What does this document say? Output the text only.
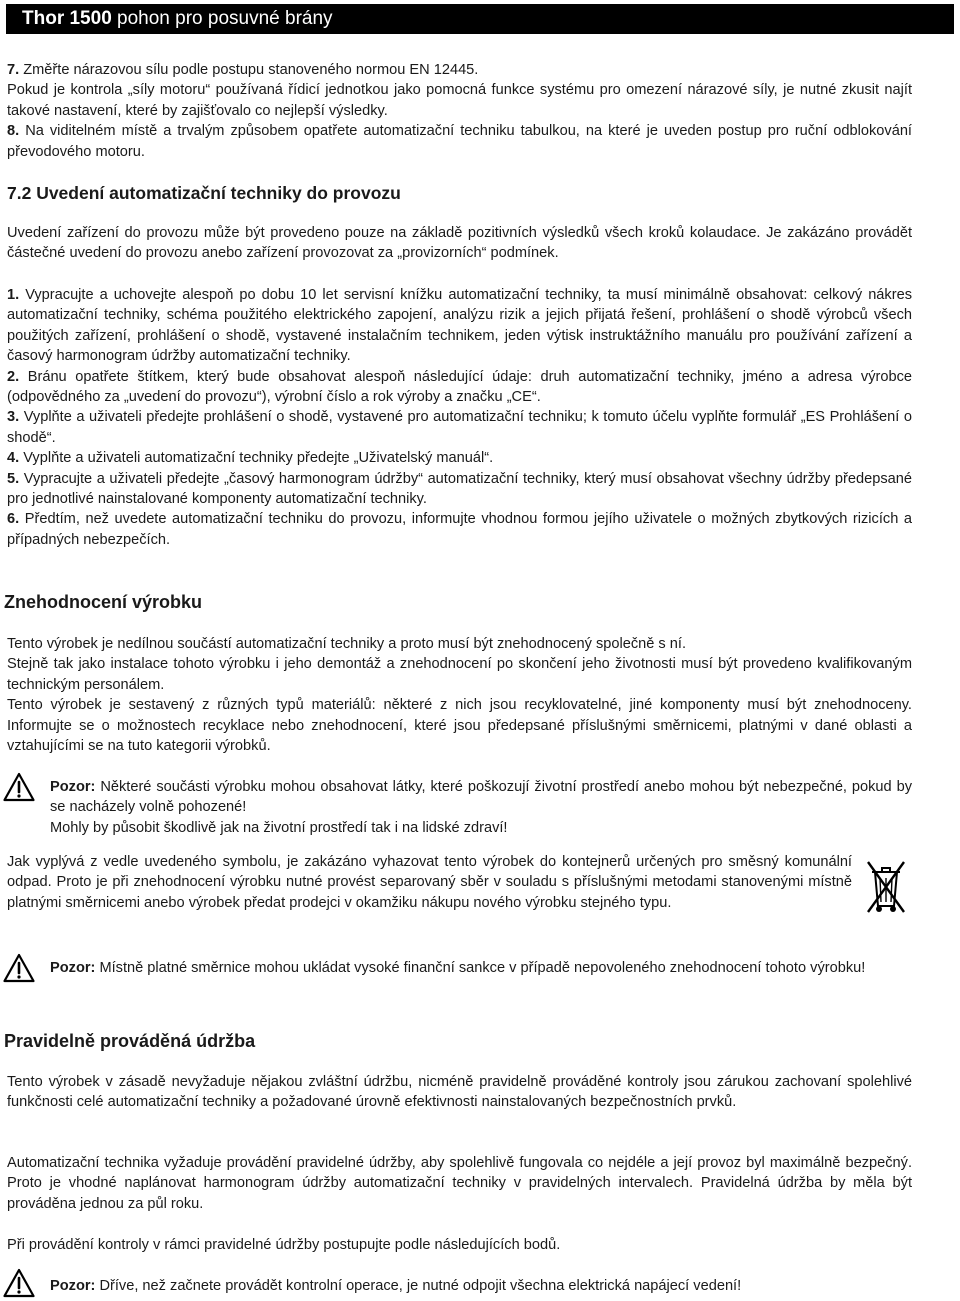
Thor 1500 pohon pro posuvné brány

7. Změřte nárazovou sílu podle postupu stanoveného normou EN 12445.

Pokud je kontrola „síly motoru“ používaná řídicí jednotkou jako pomocná funkce systému pro omezení nárazové síly, je nutné zkusit najít takové nastavení, které by zajišťovalo co nejlepší výsledky.

8. Na viditelném místě a trvalým způsobem opatřete automatizační techniku tabulkou, na které je uveden postup pro ruční odblokování převodového motoru.

7.2 Uvedení automatizační techniky do provozu

Uvedení zařízení do provozu může být provedeno pouze na základě pozitivních výsledků všech kroků kolaudace. Je zakázáno provádět částečné uvedení do provozu anebo zařízení provozovat za „provizorních“ podmínek.

1. Vypracujte a uchovejte alespoň po dobu 10 let servisní knížku automatizační techniky, ta musí minimálně obsahovat: celkový nákres automatizační techniky, schéma použitého elektrického zapojení, analýzu rizik a jejich přijatá řešení, prohlášení o shodě výrobců všech použitých zařízení, prohlášení o shodě, vystavené instalačním technikem, jeden výtisk instruktážního manuálu pro používání zařízení a časový harmonogram údržby automatizační techniky.

2. Bránu opatřete štítkem, který bude obsahovat alespoň následující údaje: druh automatizační techniky, jméno a adresa výrobce (odpovědného za „uvedení do provozu“), výrobní číslo a rok výroby a značku „CE“.

3. Vyplňte a uživateli předejte prohlášení o shodě, vystavené pro automatizační techniku; k tomuto účelu vyplňte formulář „ES Prohlášení o shodě“.

4. Vyplňte a uživateli automatizační techniky předejte „Uživatelský manuál“.

5. Vypracujte a uživateli předejte „časový harmonogram údržby“ automatizační techniky, který musí obsahovat všechny údržby předepsané pro jednotlivé nainstalované komponenty automatizační techniky.

6. Předtím, než uvedete automatizační techniku do provozu, informujte vhodnou formou jejího uživatele o možných zbytkových rizicích a případných nebezpečích.

Znehodnocení výrobku

Tento výrobek je nedílnou součástí automatizační techniky a proto musí být znehodnocený společně s ní.

Stejně tak jako instalace tohoto výrobku i jeho demontáž a znehodnocení po skončení jeho životnosti musí být provedeno kvalifikovaným technickým personálem.

Tento výrobek je sestavený z různých typů materiálů: některé z nich jsou recyklovatelné, jiné komponenty musí být znehodnoceny. Informujte se o možnostech recyklace nebo znehodnocení, které jsou předepsané příslušnými směrnicemi, platnými v dané oblasti a vztahujícími se na tuto kategorii výrobků.

Pozor: Některé součásti výrobku mohou obsahovat látky, které poškozují životní prostředí anebo mohou být nebezpečné, pokud by se nacházely volně pohozené!

Mohly by působit škodlivě jak na životní prostředí tak i na lidské zdraví!

Jak vyplývá z vedle uvedeného symbolu, je zakázáno vyhazovat tento výrobek do kontejnerů určených pro směsný komunální odpad. Proto je při znehodnocení výrobku nutné provést separovaný sběr v souladu s příslušnými metodami stanovenými místně platnými směrnicemi anebo výrobek předat prodejci v okamžiku nákupu nového výrobku stejného typu.

Pozor: Místně platné směrnice mohou ukládat vysoké finanční sankce v případě nepovoleného znehodnocení tohoto výrobku!

Pravidelně prováděná údržba

Tento výrobek v zásadě nevyžaduje nějakou zvláštní údržbu, nicméně pravidelně prováděné kontroly jsou zárukou zachovaní spolehlivé funkčnosti celé automatizační techniky a požadované úrovně efektivnosti nainstalovaných bezpečnostních prvků.

Automatizační technika vyžaduje provádění pravidelné údržby, aby spolehlivě fungovala co nejdéle a její provoz byl maximálně bezpečný. Proto je vhodné naplánovat harmonogram údržby automatizační techniky v pravidelných intervalech. Pravidelná údržba by měla být prováděna jednou za půl roku.

Při provádění kontroly v rámci pravidelné údržby postupujte podle následujících bodů.

Pozor: Dříve, než začnete provádět kontrolní operace, je nutné odpojit všechna elektrická napájecí vedení!
